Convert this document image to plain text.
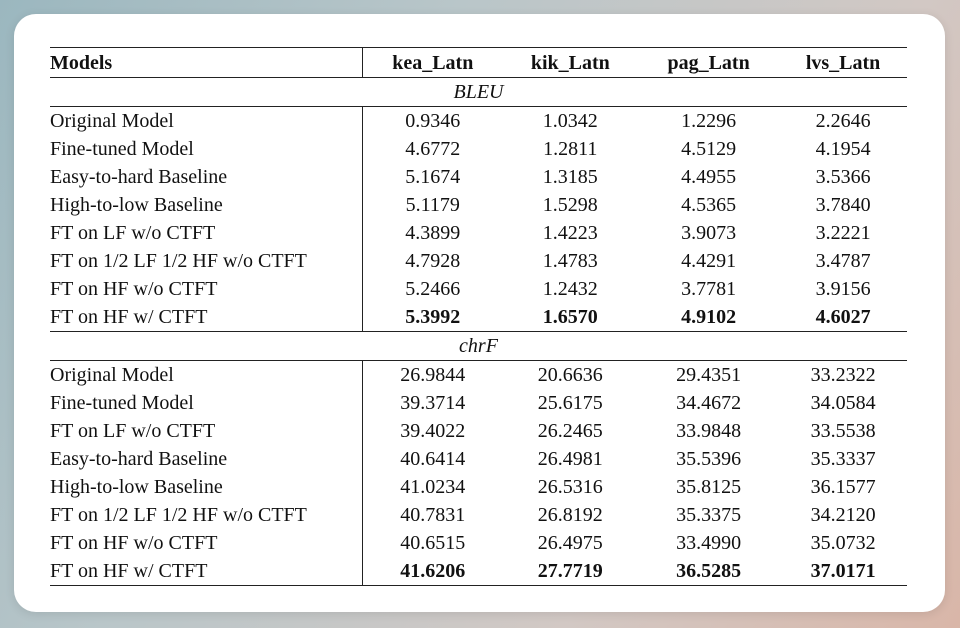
Models	kea_Latn	kik_Latn	pag_Latn	lvs_Latn
BLEU				
Original Model	0.9346	1.0342	1.2296	2.2646
Fine-tuned Model	4.6772	1.2811	4.5129	4.1954
Easy-to-hard Baseline	5.1674	1.3185	4.4955	3.5366
High-to-low Baseline	5.1179	1.5298	4.5365	3.7840
FT on LF w/o CTFT	4.3899	1.4223	3.9073	3.2221
FT on 1/2 LF 1/2 HF w/o CTFT	4.7928	1.4783	4.4291	3.4787
FT on HF w/o CTFT	5.2466	1.2432	3.7781	3.9156
FT on HF w/ CTFT	5.3992	1.6570	4.9102	4.6027
chrF				
Original Model	26.9844	20.6636	29.4351	33.2322
Fine-tuned Model	39.3714	25.6175	34.4672	34.0584
FT on LF w/o CTFT	39.4022	26.2465	33.9848	33.5538
Easy-to-hard Baseline	40.6414	26.4981	35.5396	35.3337
High-to-low Baseline	41.0234	26.5316	35.8125	36.1577
FT on 1/2 LF 1/2 HF w/o CTFT	40.7831	26.8192	35.3375	34.2120
FT on HF w/o CTFT	40.6515	26.4975	33.4990	35.0732
FT on HF w/ CTFT	41.6206	27.7719	36.5285	37.0171
